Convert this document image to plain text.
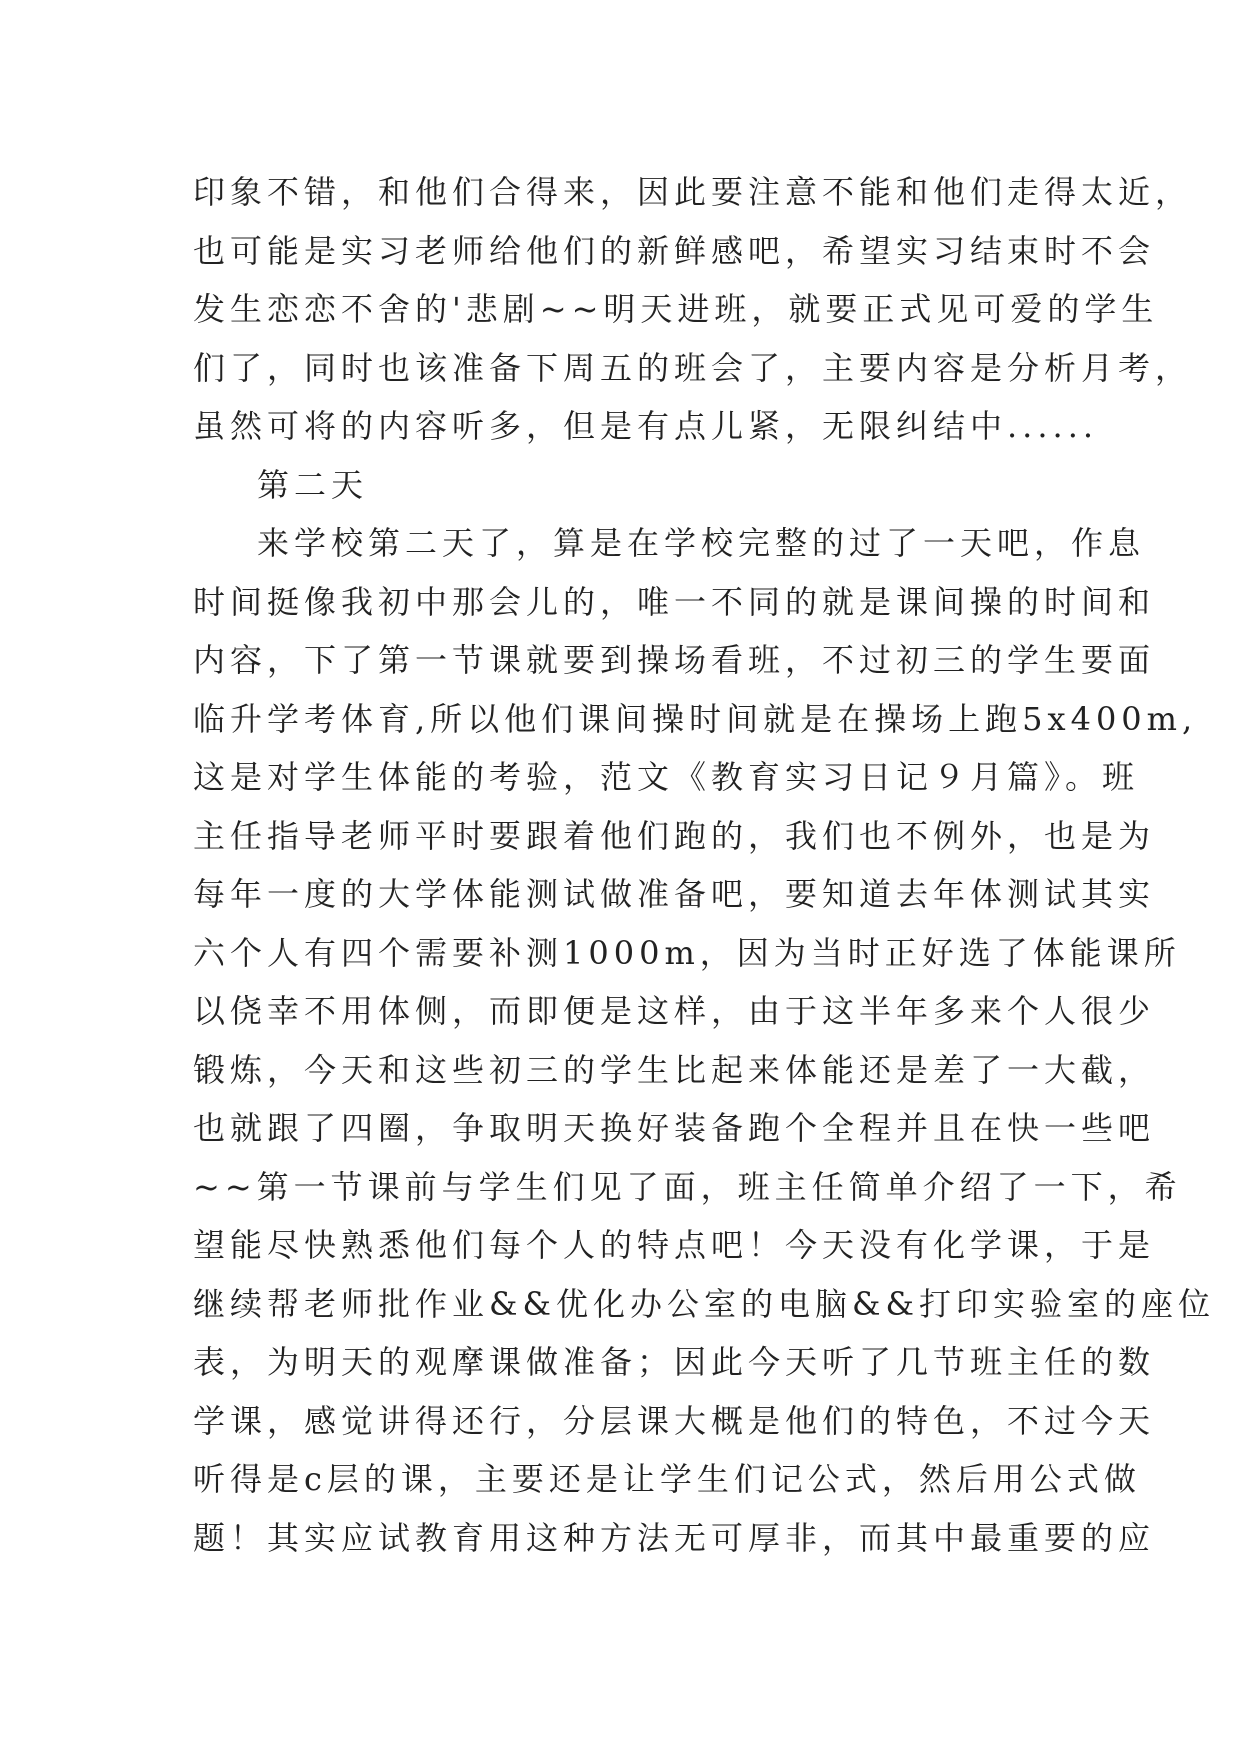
印象不错，和他们合得来，因此要注意不能和他们走得太近，
也可能是实习老师给他们的新鲜感吧，希望实习结束时不会
发生恋恋不舍的'悲剧~~明天进班，就要正式见可爱的学生
们了，同时也该准备下周五的班会了，主要内容是分析月考，
虽然可将的内容听多，但是有点儿紧，无限纠结中......
第二天
来学校第二天了，算是在学校完整的过了一天吧，作息
时间挺像我初中那会儿的，唯一不同的就是课间操的时间和
内容，下了第一节课就要到操场看班，不过初三的学生要面
临升学考体育,所以他们课间操时间就是在操场上跑5x400m,
这是对学生体能的考验，范文《教育实习日记９月篇》。班
主任指导老师平时要跟着他们跑的，我们也不例外，也是为
每年一度的大学体能测试做准备吧，要知道去年体测试其实
六个人有四个需要补测1000m，因为当时正好选了体能课所
以侥幸不用体侧，而即便是这样，由于这半年多来个人很少
锻炼，今天和这些初三的学生比起来体能还是差了一大截，
也就跟了四圈，争取明天换好装备跑个全程并且在快一些吧
~~第一节课前与学生们见了面，班主任简单介绍了一下，希
望能尽快熟悉他们每个人的特点吧！今天没有化学课，于是
继续帮老师批作业&&优化办公室的电脑&&打印实验室的座位
表，为明天的观摩课做准备；因此今天听了几节班主任的数
学课，感觉讲得还行，分层课大概是他们的特色，不过今天
听得是c层的课，主要还是让学生们记公式，然后用公式做
题！其实应试教育用这种方法无可厚非，而其中最重要的应
